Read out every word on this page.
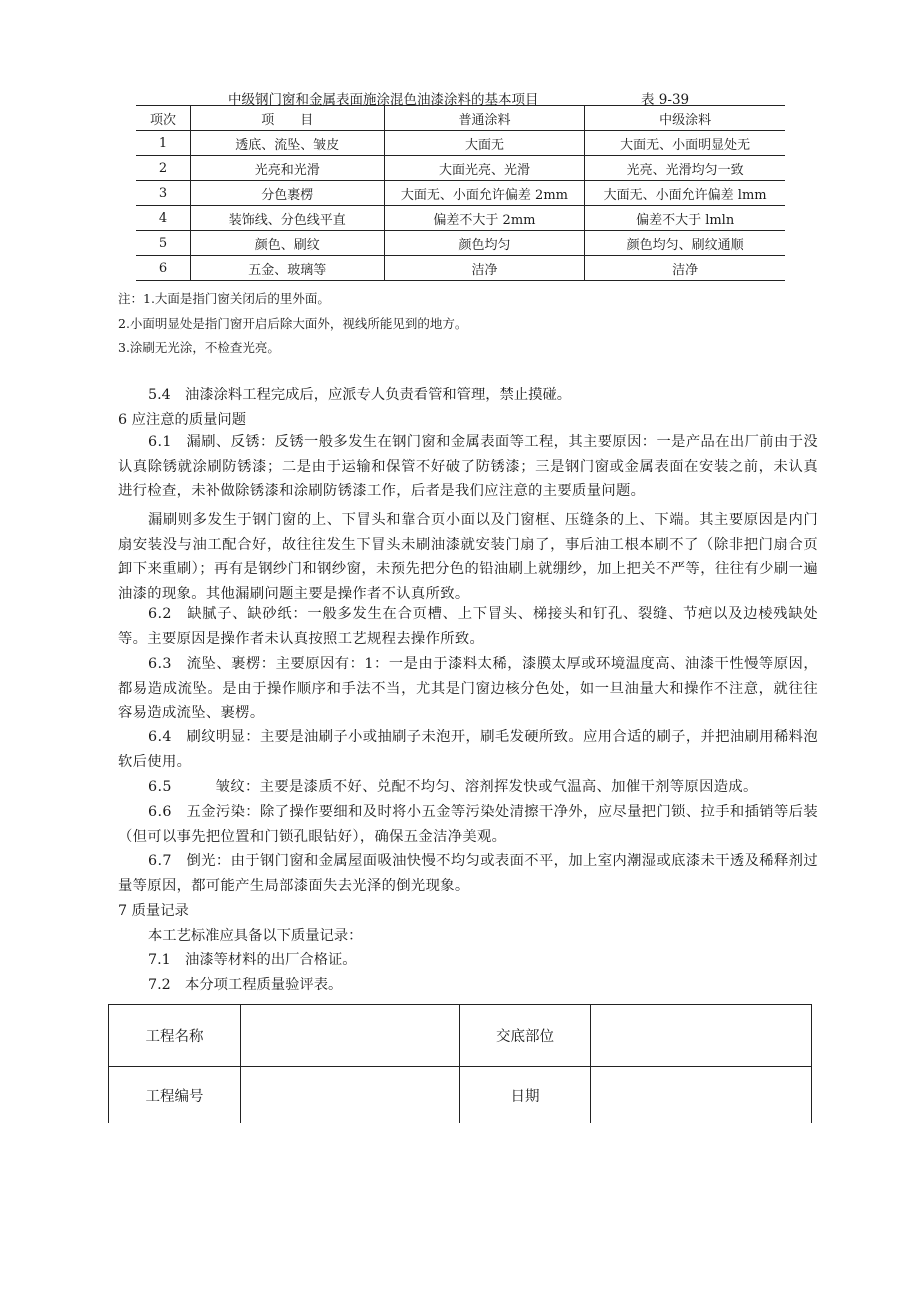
中级钢门窗和金属表面施涂混色油漆涂料的基本项目	表 9-39
项次	项　　目	普通涂料	中级涂料
1	透底、流坠、皱皮	大面无	大面无、小面明显处无
2	光亮和光滑	大面光亮、光滑	光亮、光滑均匀一致
3	分色裹楞	大面无、小面允许偏差 2mm	大面无、小面允许偏差 lmm
4	装饰线、分色线平直	偏差不大于 2mm	偏差不大于 lmln
5	颜色、刷纹	颜色均匀	颜色均匀、刷纹通顺
6	五金、玻璃等	洁净	洁净
注：1.大面是指门窗关闭后的里外面。
2.小面明显处是指门窗开启后除大面外，视线所能见到的地方。
3.涂刷无光涂，不检查光亮。
5.4　油漆涂料工程完成后，应派专人负责看管和管理，禁止摸碰。
6 应注意的质量问题
6.1　漏刷、反锈：反锈一般多发生在钢门窗和金属表面等工程，其主要原因：一是产品在出厂前由于没认真除锈就涂刷防锈漆；二是由于运输和保管不好破了防锈漆；三是钢门窗或金属表面在安装之前，未认真进行检查，未补做除锈漆和涂刷防锈漆工作，后者是我们应注意的主要质量问题。
漏刷则多发生于钢门窗的上、下冒头和靠合页小面以及门窗框、压缝条的上、下端。其主要原因是内门扇安装没与油工配合好，故往往发生下冒头未刷油漆就安装门扇了，事后油工根本刷不了（除非把门扇合页卸下来重刷）；再有是钢纱门和钢纱窗，未预先把分色的铅油刷上就绷纱，加上把关不严等，往往有少刷一遍油漆的现象。其他漏刷问题主要是操作者不认真所致。
6.2　缺腻子、缺砂纸：一般多发生在合页槽、上下冒头、梯接头和钉孔、裂缝、节疤以及边棱残缺处等。主要原因是操作者未认真按照工艺规程去操作所致。
6.3　流坠、裹楞：主要原因有：1：一是由于漆料太稀，漆膜太厚或环境温度高、油漆干性慢等原因，都易造成流坠。是由于操作顺序和手法不当，尤其是门窗边核分色处，如一旦油量大和操作不注意，就往往容易造成流坠、裹楞。
6.4　刷纹明显：主要是油刷子小或抽刷子未泡开，刷毛发硬所致。应用合适的刷子，并把油刷用稀料泡软后使用。
6.5　　　皱纹：主要是漆质不好、兑配不均匀、溶剂挥发快或气温高、加催干剂等原因造成。
6.6　五金污染：除了操作要细和及时将小五金等污染处清擦干净外，应尽量把门锁、拉手和插销等后装（但可以事先把位置和门锁孔眼钻好），确保五金洁净美观。
6.7　倒光：由于钢门窗和金属屋面吸油快慢不均匀或表面不平，加上室内潮湿或底漆未干透及稀释剂过量等原因，都可能产生局部漆面失去光泽的倒光现象。
7 质量记录
本工艺标准应具备以下质量记录：
7.1　油漆等材料的出厂合格证。
7.2　本分项工程质量验评表。
工程名称		交底部位	
工程编号		日期	
